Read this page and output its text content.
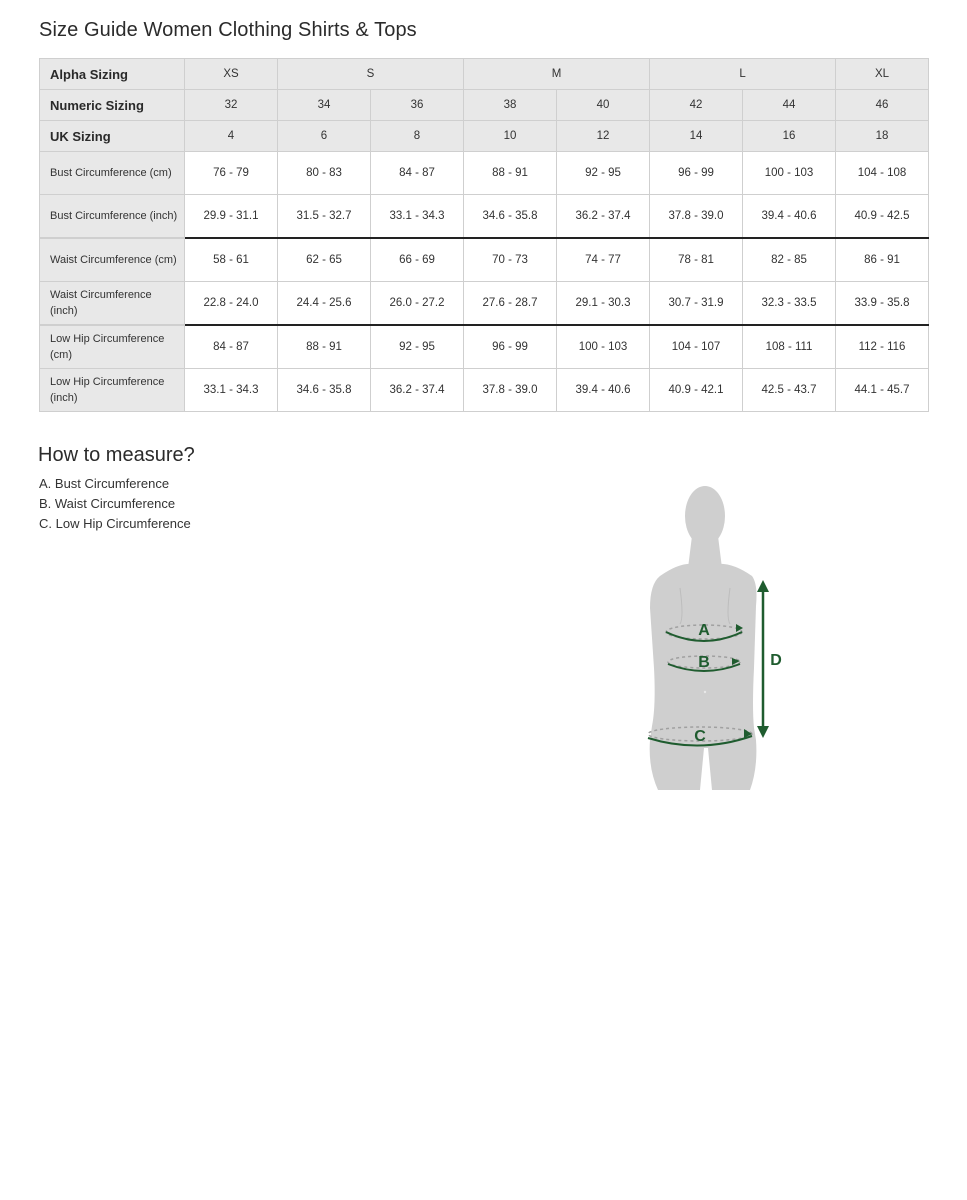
Size Guide Women Clothing Shirts & Tops
Alpha Sizing	XS	S		M		L		XL
Numeric Sizing	32	34	36	38	40	42	44	46
UK Sizing	4	6	8	10	12	14	16	18
Bust Circumference (cm)	76 - 79	80 - 83	84 - 87	88 - 91	92 - 95	96 - 99	100 - 103	104 - 108
Bust Circumference (inch)	29.9 - 31.1	31.5 - 32.7	33.1 - 34.3	34.6 - 35.8	36.2 - 37.4	37.8 - 39.0	39.4 - 40.6	40.9 - 42.5
Waist Circumference (cm)	58 - 61	62 - 65	66 - 69	70 - 73	74 - 77	78 - 81	82 - 85	86 - 91
Waist Circumference (inch)	22.8 - 24.0	24.4 - 25.6	26.0 - 27.2	27.6 - 28.7	29.1 - 30.3	30.7 - 31.9	32.3 - 33.5	33.9 - 35.8
Low Hip Circumference (cm)	84 - 87	88 - 91	92 - 95	96 - 99	100 - 103	104 - 107	108 - 111	112 - 116
Low Hip Circumference (inch)	33.1 - 34.3	34.6 - 35.8	36.2 - 37.4	37.8 - 39.0	39.4 - 40.6	40.9 - 42.1	42.5 - 43.7	44.1 - 45.7
How to measure?
A. Bust Circumference
B. Waist Circumference
C. Low Hip Circumference
A
B
C
D
